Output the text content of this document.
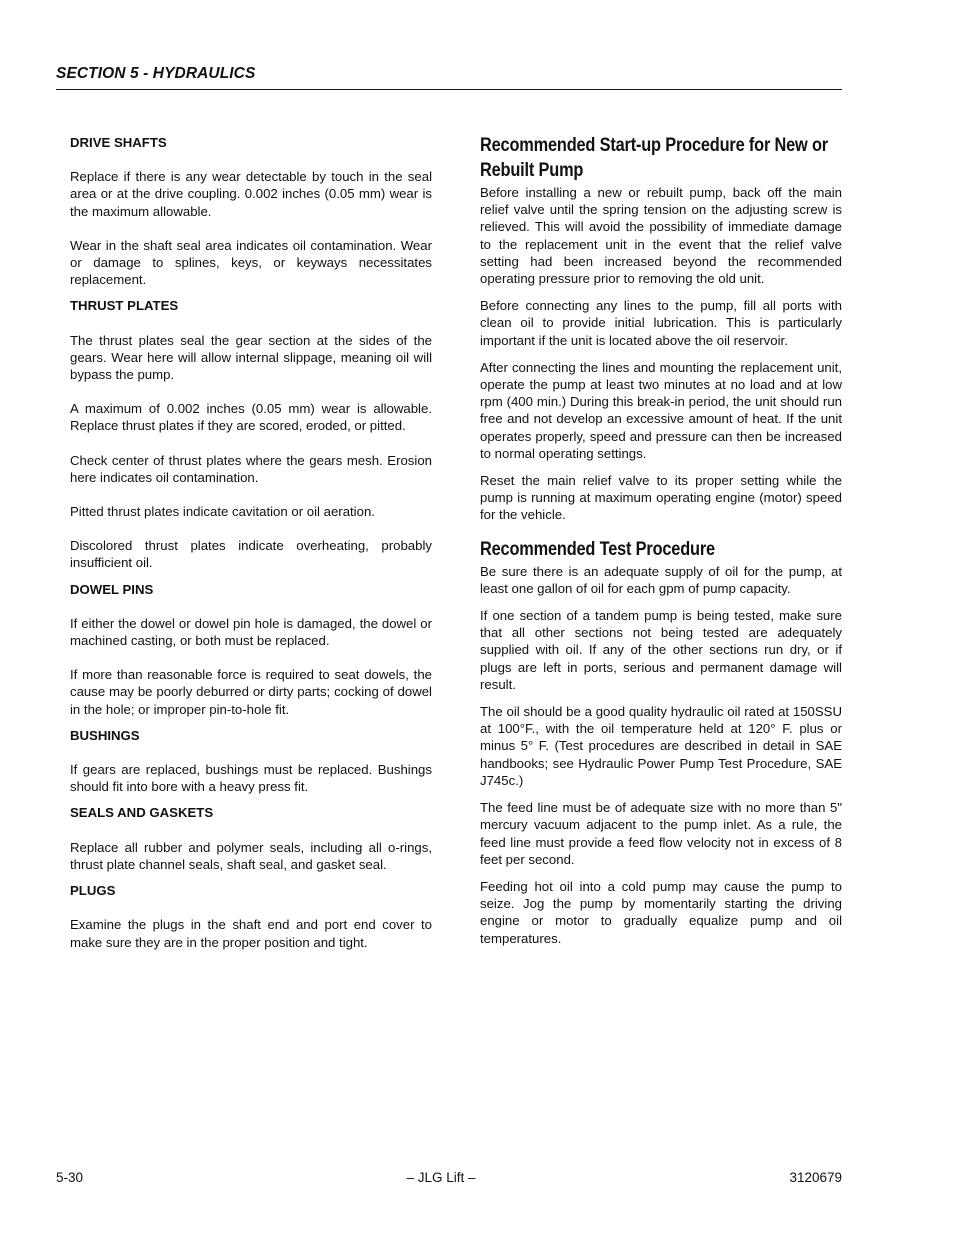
SECTION 5 - HYDRAULICS
DRIVE SHAFTS

Replace if there is any wear detectable by touch in the seal area or at the drive coupling. 0.002 inches (0.05 mm) wear is the maximum allowable.

Wear in the shaft seal area indicates oil contamination. Wear or damage to splines, keys, or keyways necessitates replacement.

THRUST PLATES

The thrust plates seal the gear section at the sides of the gears. Wear here will allow internal slippage, meaning oil will bypass the pump.

A maximum of 0.002 inches (0.05 mm) wear is allowable. Replace thrust plates if they are scored, eroded, or pitted.

Check center of thrust plates where the gears mesh. Erosion here indicates oil contamination.

Pitted thrust plates indicate cavitation or oil aeration.

Discolored thrust plates indicate overheating, probably insufficient oil.

DOWEL PINS

If either the dowel or dowel pin hole is damaged, the dowel or machined casting, or both must be replaced.

If more than reasonable force is required to seat dowels, the cause may be poorly deburred or dirty parts; cocking of dowel in the hole; or improper pin-to-hole fit.

BUSHINGS

If gears are replaced, bushings must be replaced. Bushings should fit into bore with a heavy press fit.

SEALS AND GASKETS

Replace all rubber and polymer seals, including all o-rings, thrust plate channel seals, shaft seal, and gasket seal.

PLUGS

Examine the plugs in the shaft end and port end cover to make sure they are in the proper position and tight.

Recommended Start-up Procedure for New or Rebuilt Pump

Before installing a new or rebuilt pump, back off the main relief valve until the spring tension on the adjusting screw is relieved. This will avoid the possibility of immediate damage to the replacement unit in the event that the relief valve setting had been increased beyond the recommended operating pressure prior to removing the old unit.

Before connecting any lines to the pump, fill all ports with clean oil to provide initial lubrication. This is particularly important if the unit is located above the oil reservoir.

After connecting the lines and mounting the replacement unit, operate the pump at least two minutes at no load and at low rpm (400 min.) During this break-in period, the unit should run free and not develop an excessive amount of heat. If the unit operates properly, speed and pressure can then be increased to normal operating settings.

Reset the main relief valve to its proper setting while the pump is running at maximum operating engine (motor) speed for the vehicle.

Recommended Test Procedure

Be sure there is an adequate supply of oil for the pump, at least one gallon of oil for each gpm of pump capacity.

If one section of a tandem pump is being tested, make sure that all other sections not being tested are adequately supplied with oil. If any of the other sections run dry, or if plugs are left in ports, serious and permanent damage will result.

The oil should be a good quality hydraulic oil rated at 150SSU at 100°F., with the oil temperature held at 120° F. plus or minus 5° F. (Test procedures are described in detail in SAE handbooks; see Hydraulic Power Pump Test Procedure, SAE J745c.)

The feed line must be of adequate size with no more than 5" mercury vacuum adjacent to the pump inlet. As a rule, the feed line must provide a feed flow velocity not in excess of 8 feet per second.

Feeding hot oil into a cold pump may cause the pump to seize. Jog the pump by momentarily starting the driving engine or motor to gradually equalize pump and oil temperatures.

5-30	– JLG Lift –	3120679
